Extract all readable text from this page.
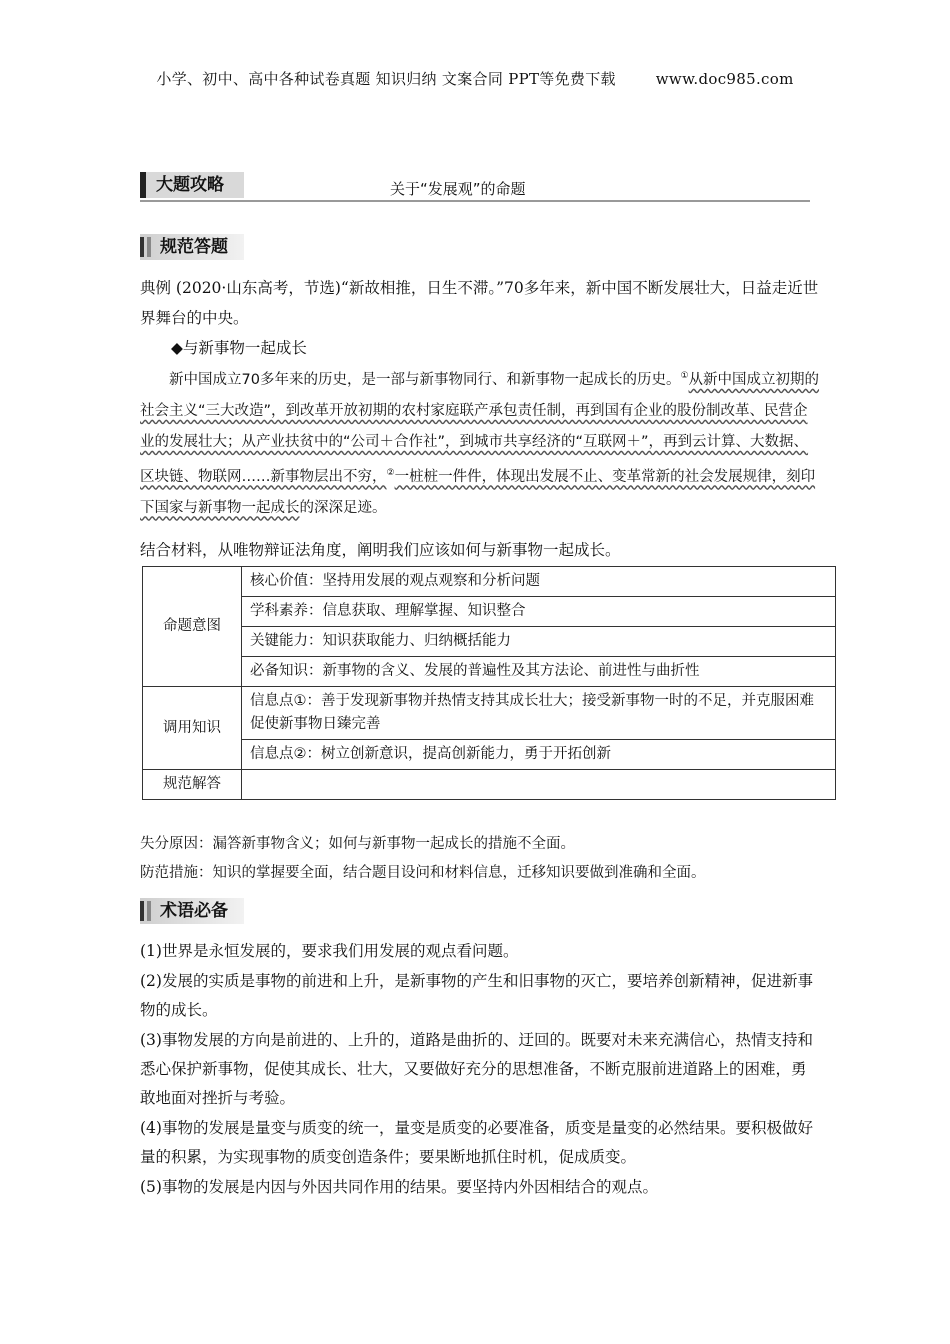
小学、初中、高中各种试卷真题 知识归纳 文案合同 PPT等免费下载	www.doc985.com
大题攻略	关于“发展观”的命题
规范答题
典例 (2020·山东高考，节选)“新故相推，日生不滞。”70多年来，新中国不断发展壮大，日益走近世界舞台的中央。
◆与新事物一起成长
新中国成立70多年来的历史，是一部与新事物同行、和新事物一起成长的历史。①从新中国成立初期的社会主义“三大改造”，到改革开放初期的农村家庭联产承包责任制，再到国有企业的股份制改革、民营企业的发展壮大；从产业扶贫中的“公司＋合作社”，到城市共享经济的“互联网＋”，再到云计算、大数据、区块链、物联网……新事物层出不穷，②一桩桩一件件，体现出发展不止、变革常新的社会发展规律，刻印下国家与新事物一起成长的深深足迹。
结合材料，从唯物辩证法角度，阐明我们应该如何与新事物一起成长。
命题意图	核心价值：坚持用发展的观点观察和分析问题
	学科素养：信息获取、理解掌握、知识整合
	关键能力：知识获取能力、归纳概括能力
	必备知识：新事物的含义、发展的普遍性及其方法论、前进性与曲折性
调用知识	信息点①：善于发现新事物并热情支持其成长壮大；接受新事物一时的不足，并克服困难促使新事物日臻完善
	信息点②：树立创新意识，提高创新能力，勇于开拓创新
规范解答	
失分原因：漏答新事物含义；如何与新事物一起成长的措施不全面。
防范措施：知识的掌握要全面，结合题目设问和材料信息，迁移知识要做到准确和全面。
术语必备
(1)世界是永恒发展的，要求我们用发展的观点看问题。
(2)发展的实质是事物的前进和上升，是新事物的产生和旧事物的灭亡，要培养创新精神，促进新事物的成长。
(3)事物发展的方向是前进的、上升的，道路是曲折的、迂回的。既要对未来充满信心，热情支持和悉心保护新事物，促使其成长、壮大，又要做好充分的思想准备，不断克服前进道路上的困难，勇敢地面对挫折与考验。
(4)事物的发展是量变与质变的统一，量变是质变的必要准备，质变是量变的必然结果。要积极做好量的积累，为实现事物的质变创造条件；要果断地抓住时机，促成质变。
(5)事物的发展是内因与外因共同作用的结果。要坚持内外因相结合的观点。
